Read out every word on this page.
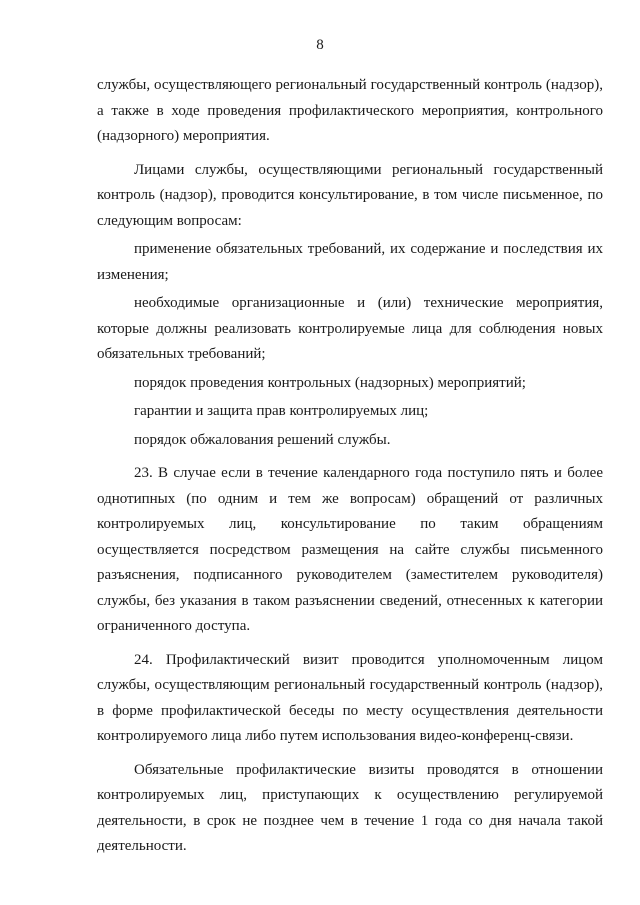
8

службы, осуществляющего региональный государственный контроль (надзор), а также в ходе проведения профилактического мероприятия, контрольного (надзорного) мероприятия.

Лицами службы, осуществляющими региональный государственный контроль (надзор), проводится консультирование, в том числе письменное, по следующим вопросам:

применение обязательных требований, их содержание и последствия их изменения;

необходимые организационные и (или) технические мероприятия, которые должны реализовать контролируемые лица для соблюдения новых обязательных требований;

порядок проведения контрольных (надзорных) мероприятий;

гарантии и защита прав контролируемых лиц;

порядок обжалования решений службы.

23. В случае если в течение календарного года поступило пять и более однотипных (по одним и тем же вопросам) обращений от различных контролируемых лиц, консультирование по таким обращениям осуществляется посредством размещения на сайте службы письменного разъяснения, подписанного руководителем (заместителем руководителя) службы, без указания в таком разъяснении сведений, отнесенных к категории ограниченного доступа.

24. Профилактический визит проводится уполномоченным лицом службы, осуществляющим региональный государственный контроль (надзор), в форме профилактической беседы по месту осуществления деятельности контролируемого лица либо путем использования видео-конференц-связи.

Обязательные профилактические визиты проводятся в отношении контролируемых лиц, приступающих к осуществлению регулируемой деятельности, в срок не позднее чем в течение 1 года со дня начала такой деятельности.
